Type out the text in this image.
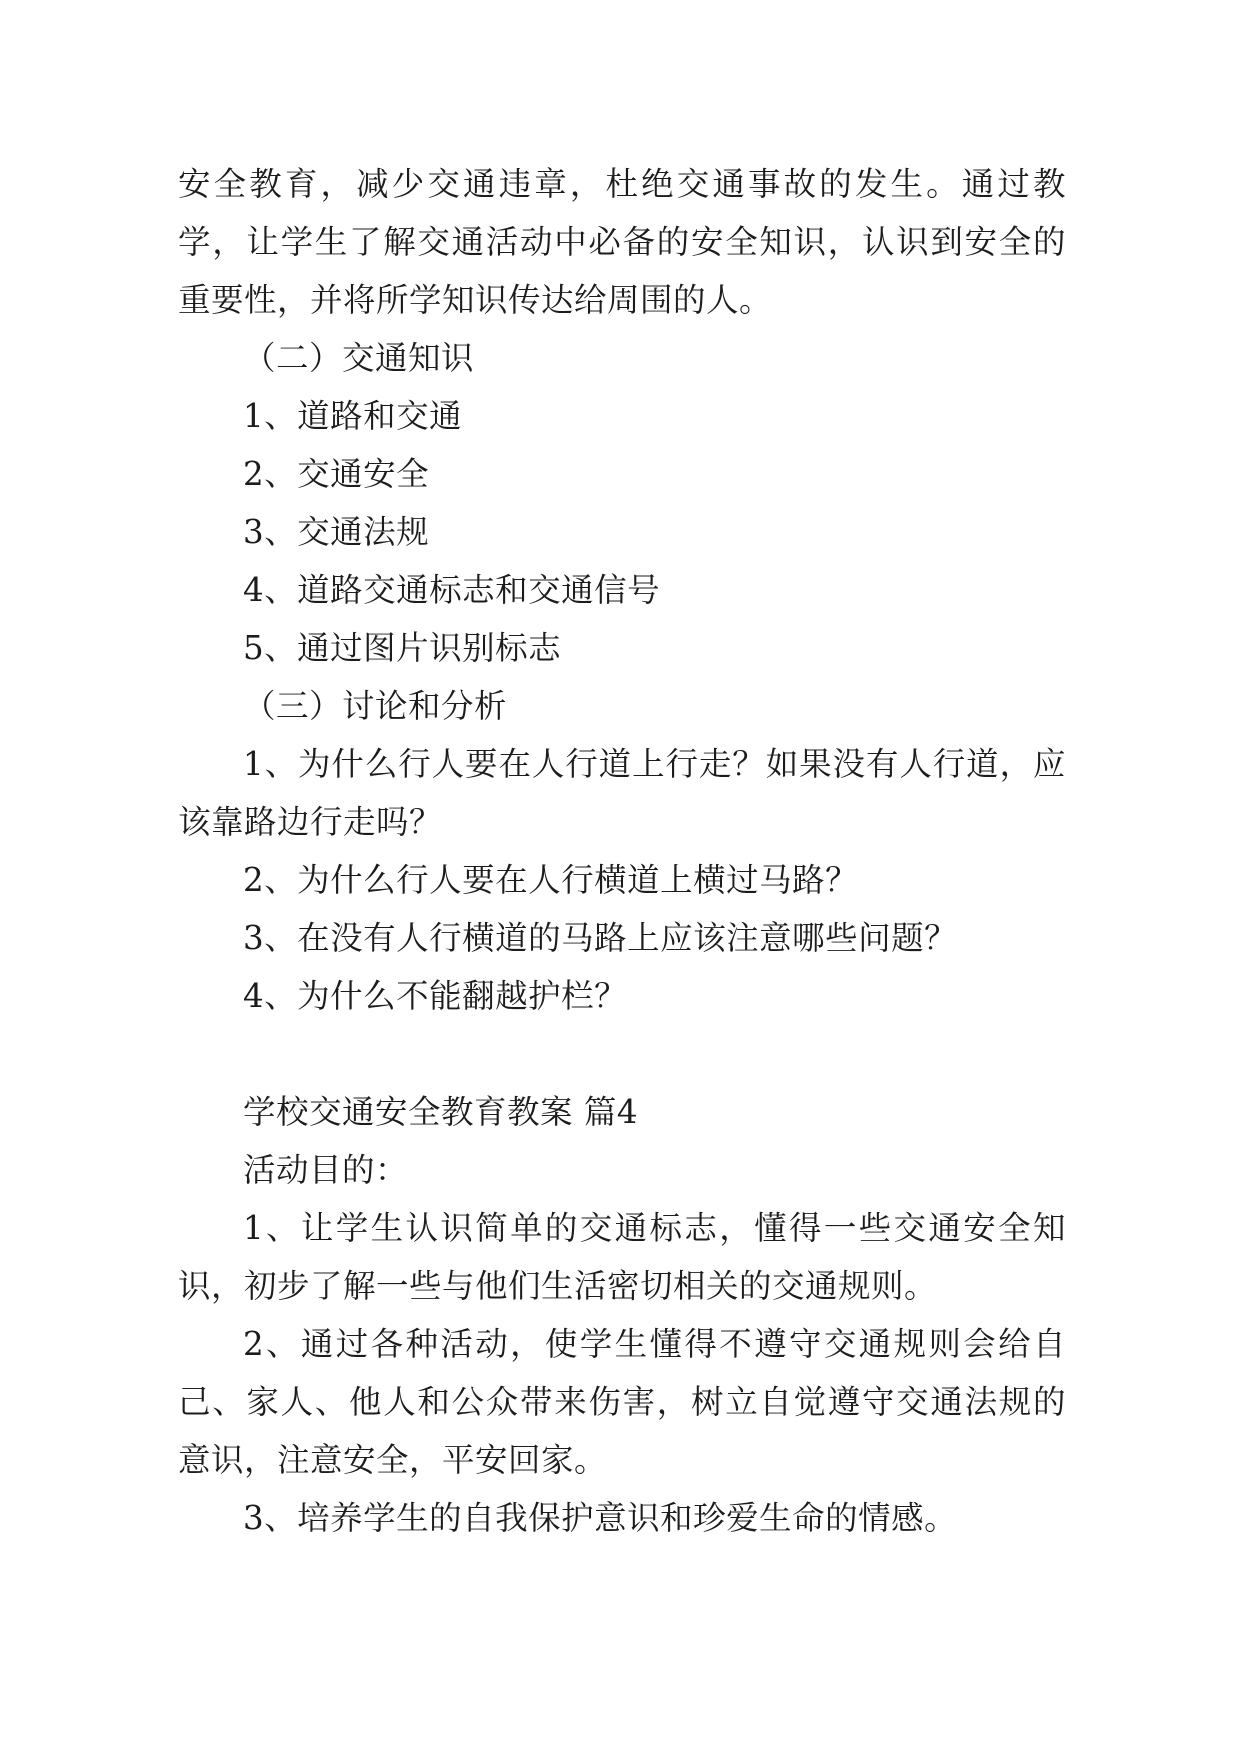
安全教育，减少交通违章，杜绝交通事故的发生。通过教学，让学生了解交通活动中必备的安全知识，认识到安全的重要性，并将所学知识传达给周围的人。
（二）交通知识
1、道路和交通
2、交通安全
3、交通法规
4、道路交通标志和交通信号
5、通过图片识别标志
（三）讨论和分析
1、为什么行人要在人行道上行走？如果没有人行道，应该靠路边行走吗？
2、为什么行人要在人行横道上横过马路？
3、在没有人行横道的马路上应该注意哪些问题？
4、为什么不能翻越护栏？
学校交通安全教育教案 篇4
活动目的：
1、让学生认识简单的交通标志，懂得一些交通安全知识，初步了解一些与他们生活密切相关的交通规则。
2、通过各种活动，使学生懂得不遵守交通规则会给自己、家人、他人和公众带来伤害，树立自觉遵守交通法规的意识，注意安全，平安回家。
3、培养学生的自我保护意识和珍爱生命的情感。
